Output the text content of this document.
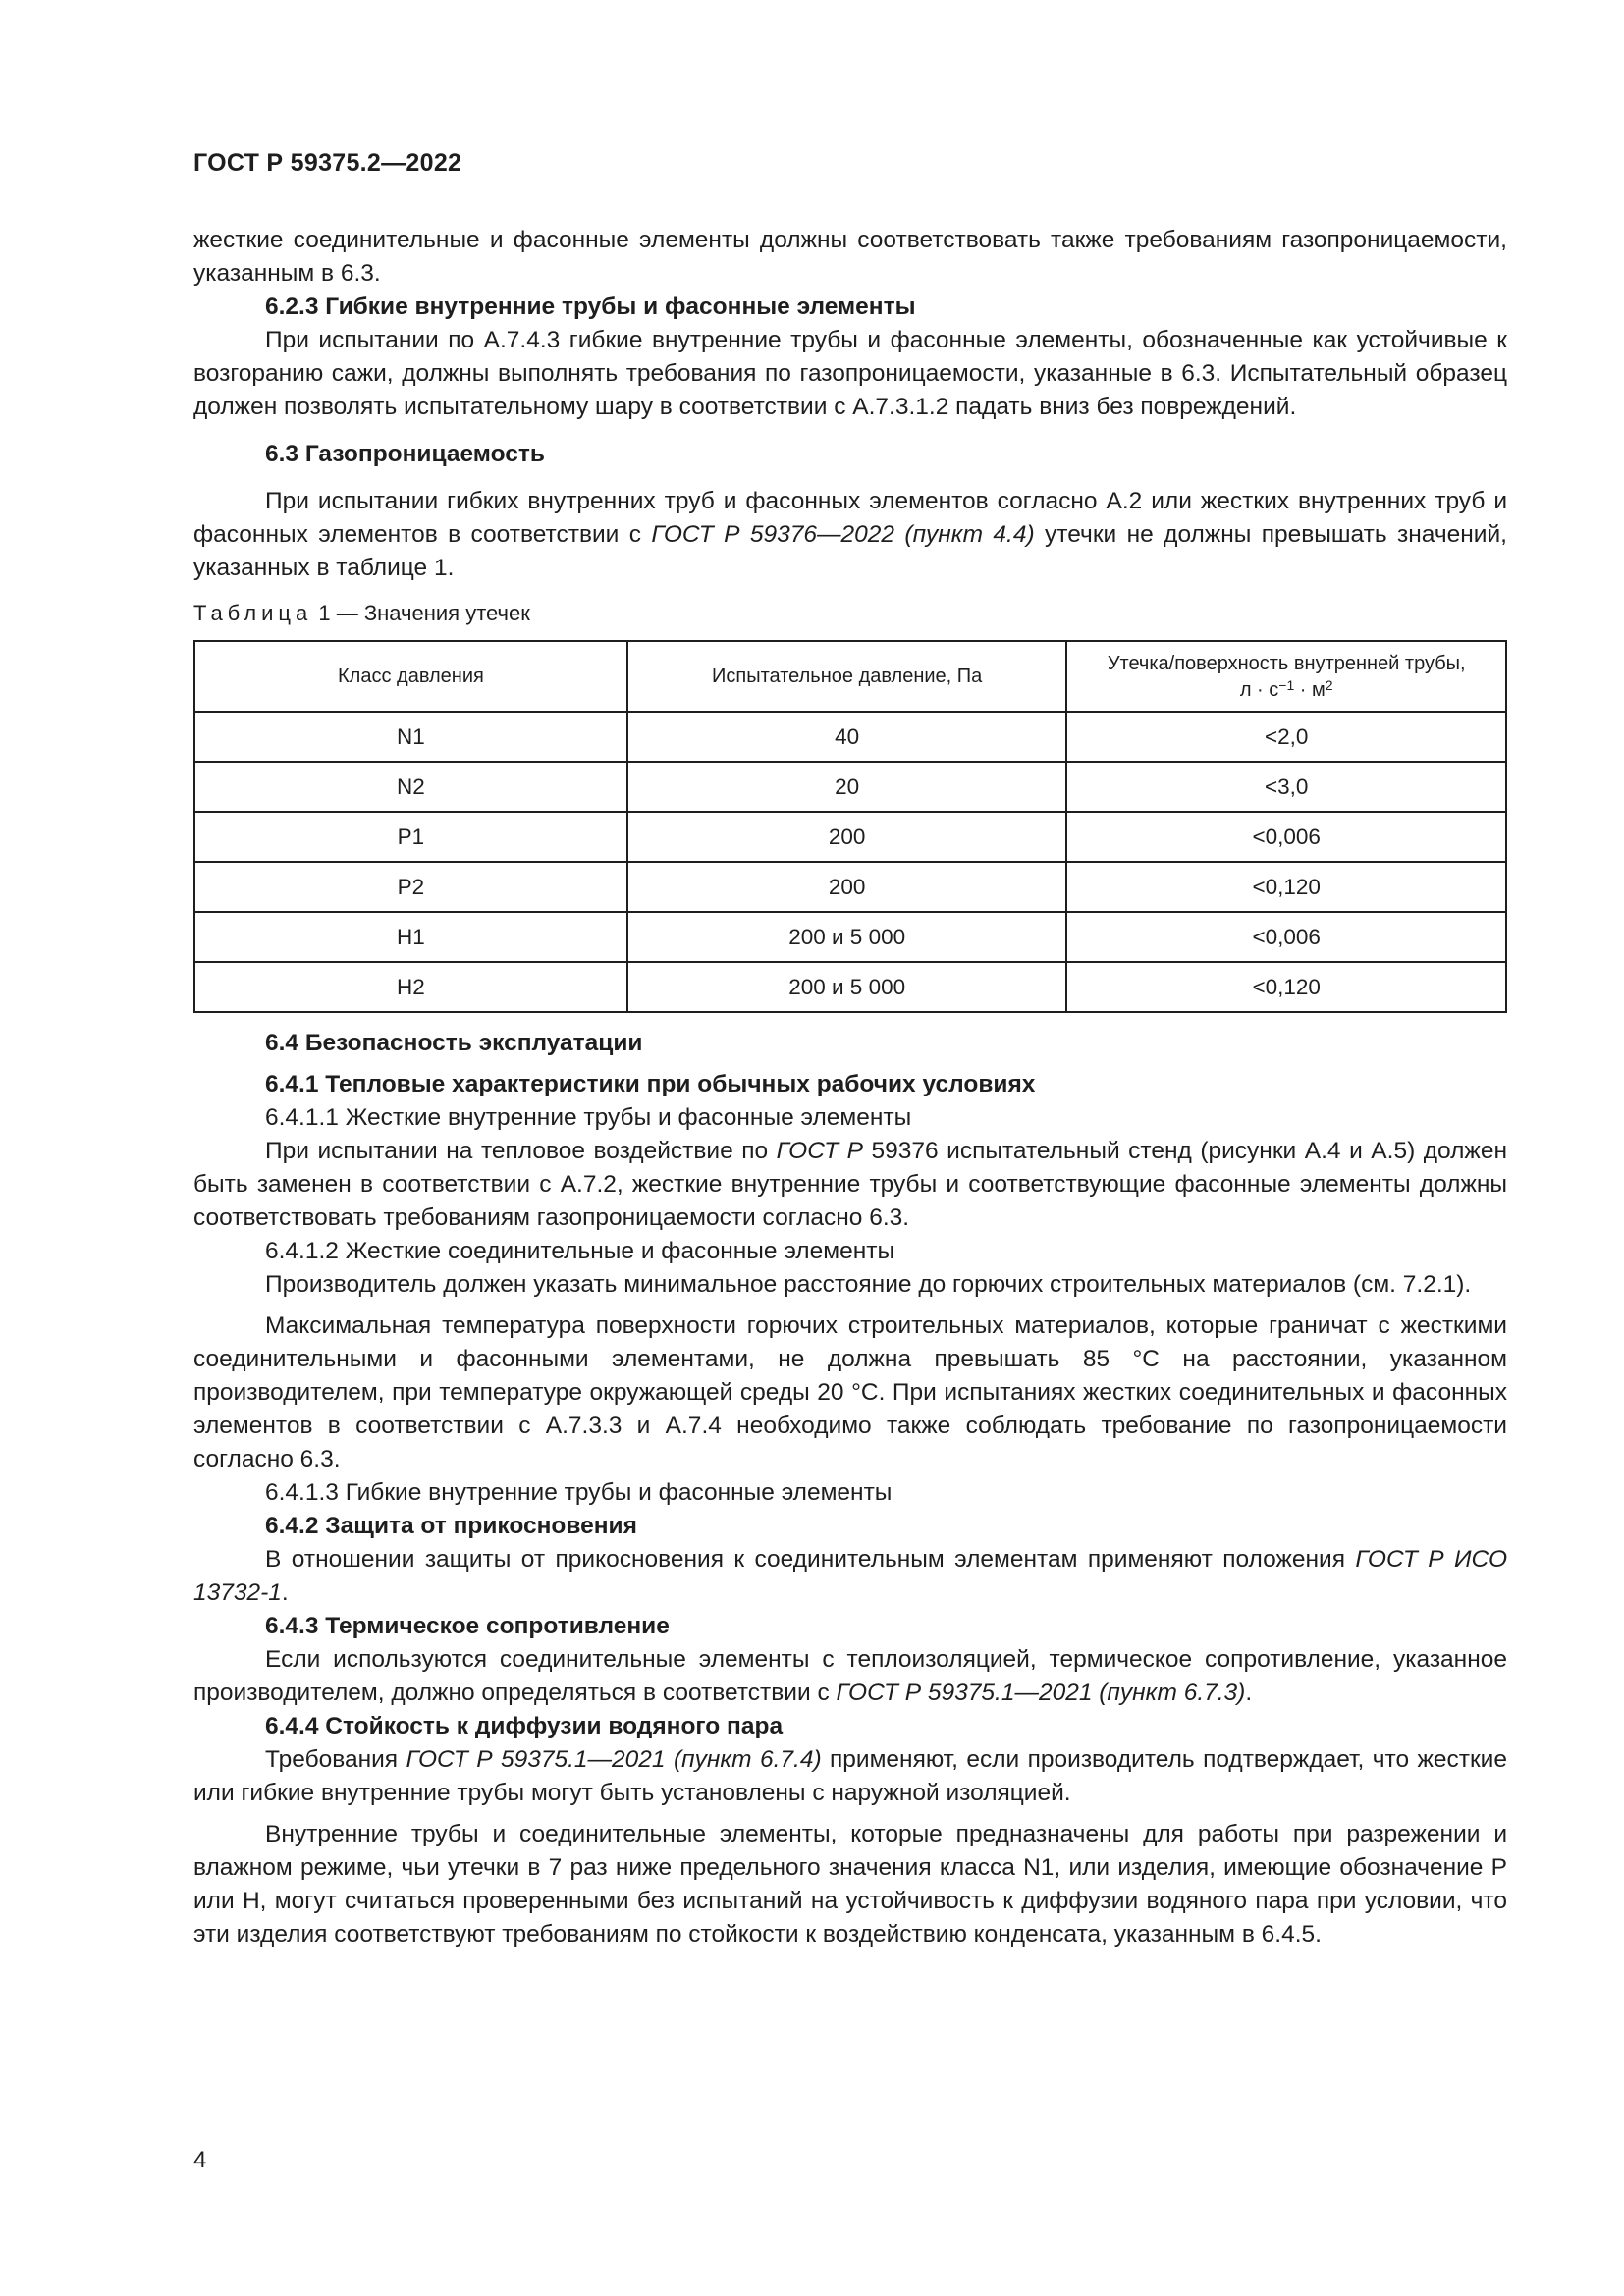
ГОСТ Р 59375.2—2022

жесткие соединительные и фасонные элементы должны соответствовать также требованиям газопроницаемости, указанным в 6.3.

6.2.3 Гибкие внутренние трубы и фасонные элементы

При испытании по А.7.4.3 гибкие внутренние трубы и фасонные элементы, обозначенные как устойчивые к возгоранию сажи, должны выполнять требования по газопроницаемости, указанные в 6.3. Испытательный образец должен позволять испытательному шару в соответствии с А.7.3.1.2 падать вниз без повреждений.

6.3 Газопроницаемость

При испытании гибких внутренних труб и фасонных элементов согласно А.2 или жестких внутренних труб и фасонных элементов в соответствии с ГОСТ Р 59376—2022 (пункт 4.4) утечки не должны превышать значений, указанных в таблице 1.

Таблица 1 — Значения утечек
Класс давления	Испытательное давление, Па	Утечка/поверхность внутренней трубы,
$л \cdot с^{-1} \cdot м^2$
N1	40	<2,0
N2	20	<3,0
P1	200	<0,006
P2	200	<0,120
H1	200 и 5 000	<0,006
H2	200 и 5 000	<0,120

6.4 Безопасность эксплуатации

6.4.1 Тепловые характеристики при обычных рабочих условиях

6.4.1.1 Жесткие внутренние трубы и фасонные элементы

При испытании на тепловое воздействие по ГОСТ Р 59376 испытательный стенд (рисунки А.4 и А.5) должен быть заменен в соответствии с А.7.2, жесткие внутренние трубы и соответствующие фасонные элементы должны соответствовать требованиям газопроницаемости согласно 6.3.

6.4.1.2 Жесткие соединительные и фасонные элементы

Производитель должен указать минимальное расстояние до горючих строительных материалов (см. 7.2.1).

Максимальная температура поверхности горючих строительных материалов, которые граничат с жесткими соединительными и фасонными элементами, не должна превышать 85 °С на расстоянии, указанном производителем, при температуре окружающей среды 20 °С. При испытаниях жестких соединительных и фасонных элементов в соответствии с А.7.3.3 и А.7.4 необходимо также соблюдать требование по газопроницаемости согласно 6.3.

6.4.1.3 Гибкие внутренние трубы и фасонные элементы

6.4.2 Защита от прикосновения

В отношении защиты от прикосновения к соединительным элементам применяют положения ГОСТ Р ИСО 13732-1.

6.4.3 Термическое сопротивление

Если используются соединительные элементы с теплоизоляцией, термическое сопротивление, указанное производителем, должно определяться в соответствии с ГОСТ Р 59375.1—2021 (пункт 6.7.3).

6.4.4 Стойкость к диффузии водяного пара

Требования ГОСТ Р 59375.1—2021 (пункт 6.7.4) применяют, если производитель подтверждает, что жесткие или гибкие внутренние трубы могут быть установлены с наружной изоляцией.

Внутренние трубы и соединительные элементы, которые предназначены для работы при разрежении и влажном режиме, чьи утечки в 7 раз ниже предельного значения класса N1, или изделия, имеющие обозначение Р или Н, могут считаться проверенными без испытаний на устойчивость к диффузии водяного пара при условии, что эти изделия соответствуют требованиям по стойкости к воздействию конденсата, указанным в 6.4.5.

4
